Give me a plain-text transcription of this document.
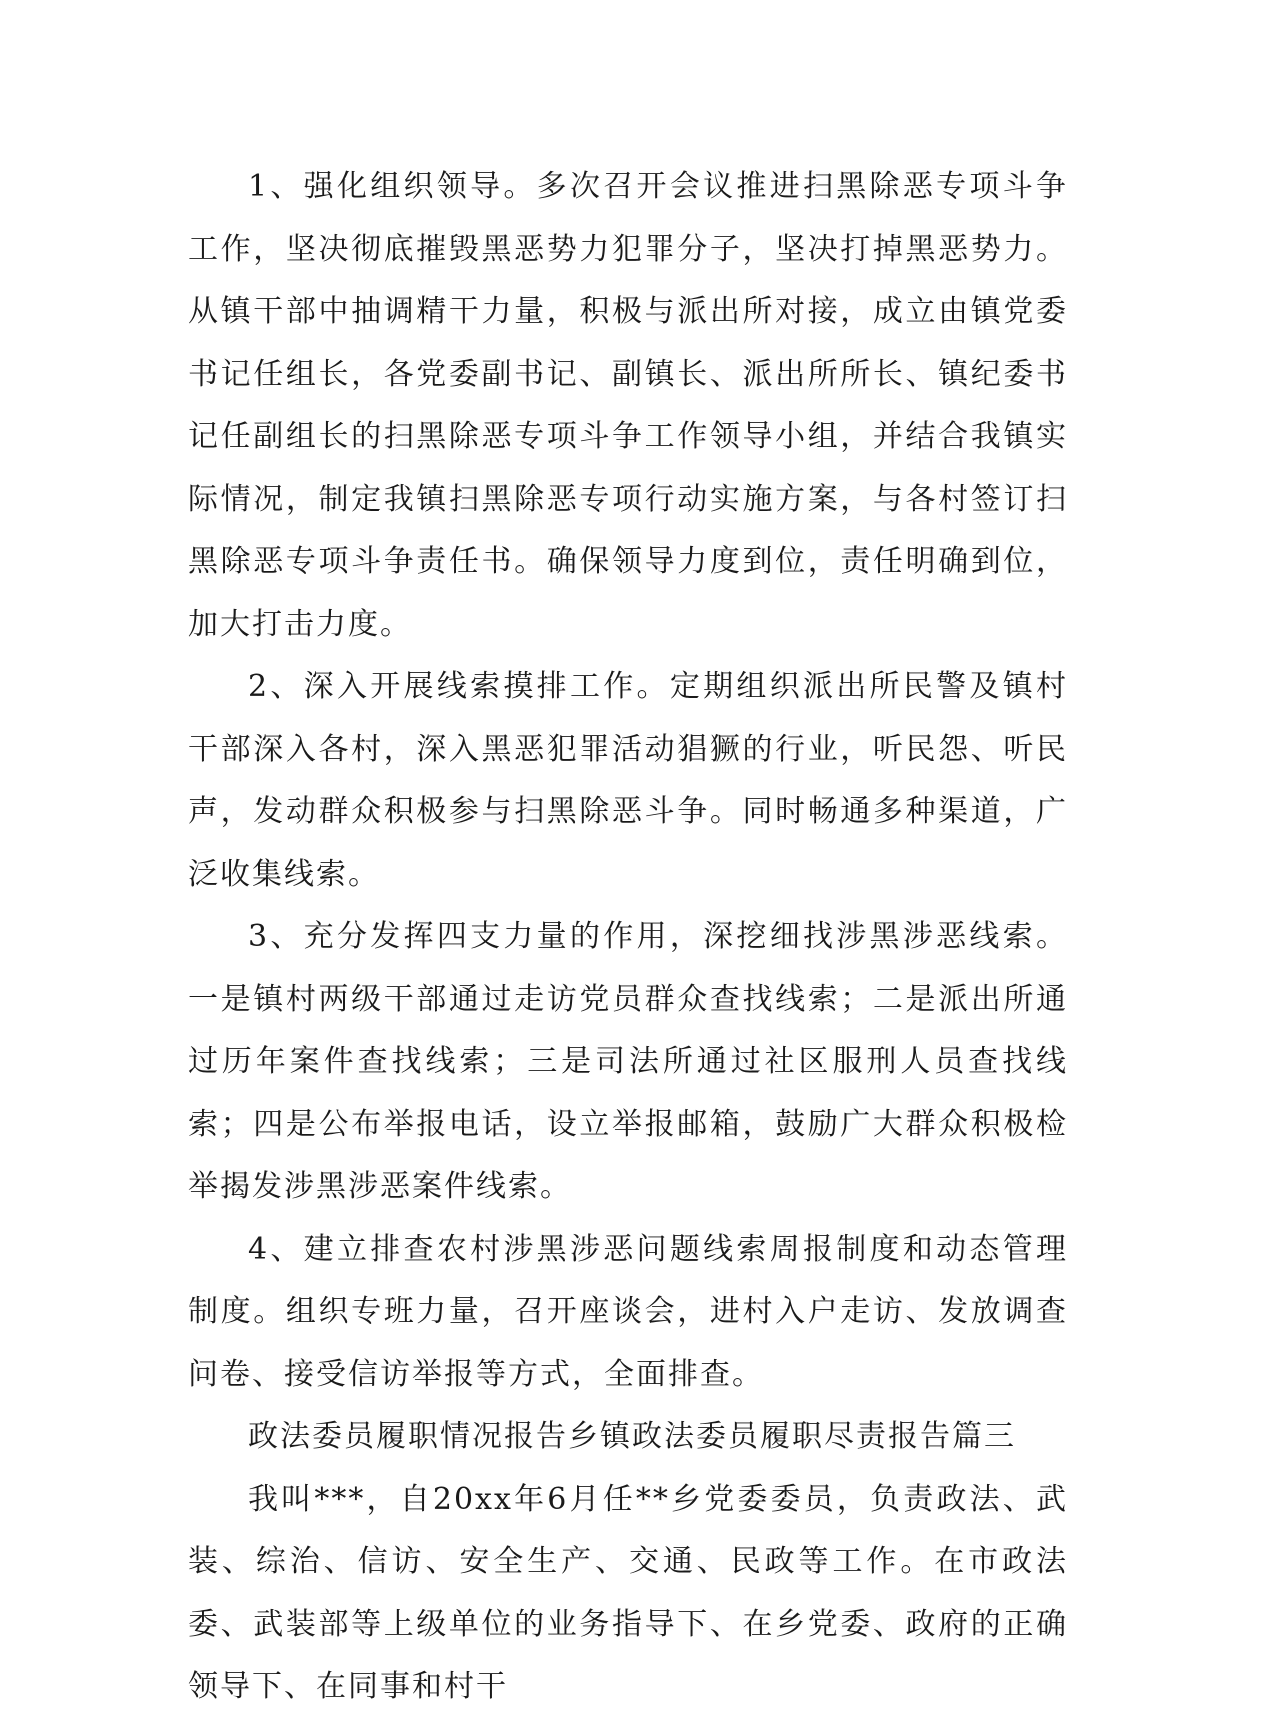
1、强化组织领导。多次召开会议推进扫黑除恶专项斗争工作，坚决彻底摧毁黑恶势力犯罪分子，坚决打掉黑恶势力。从镇干部中抽调精干力量，积极与派出所对接，成立由镇党委书记任组长，各党委副书记、副镇长、派出所所长、镇纪委书记任副组长的扫黑除恶专项斗争工作领导小组，并结合我镇实际情况，制定我镇扫黑除恶专项行动实施方案，与各村签订扫黑除恶专项斗争责任书。确保领导力度到位，责任明确到位，加大打击力度。

2、深入开展线索摸排工作。定期组织派出所民警及镇村干部深入各村，深入黑恶犯罪活动猖獗的行业，听民怨、听民声，发动群众积极参与扫黑除恶斗争。同时畅通多种渠道，广泛收集线索。

3、充分发挥四支力量的作用，深挖细找涉黑涉恶线索。一是镇村两级干部通过走访党员群众查找线索；二是派出所通过历年案件查找线索；三是司法所通过社区服刑人员查找线索；四是公布举报电话，设立举报邮箱，鼓励广大群众积极检举揭发涉黑涉恶案件线索。

4、建立排查农村涉黑涉恶问题线索周报制度和动态管理制度。组织专班力量，召开座谈会，进村入户走访、发放调查问卷、接受信访举报等方式，全面排查。

政法委员履职情况报告乡镇政法委员履职尽责报告篇三

我叫***，自20xx年6月任**乡党委委员，负责政法、武装、综治、信访、安全生产、交通、民政等工作。在市政法委、武装部等上级单位的业务指导下、在乡党委、政府的正确领导下、在同事和村干
